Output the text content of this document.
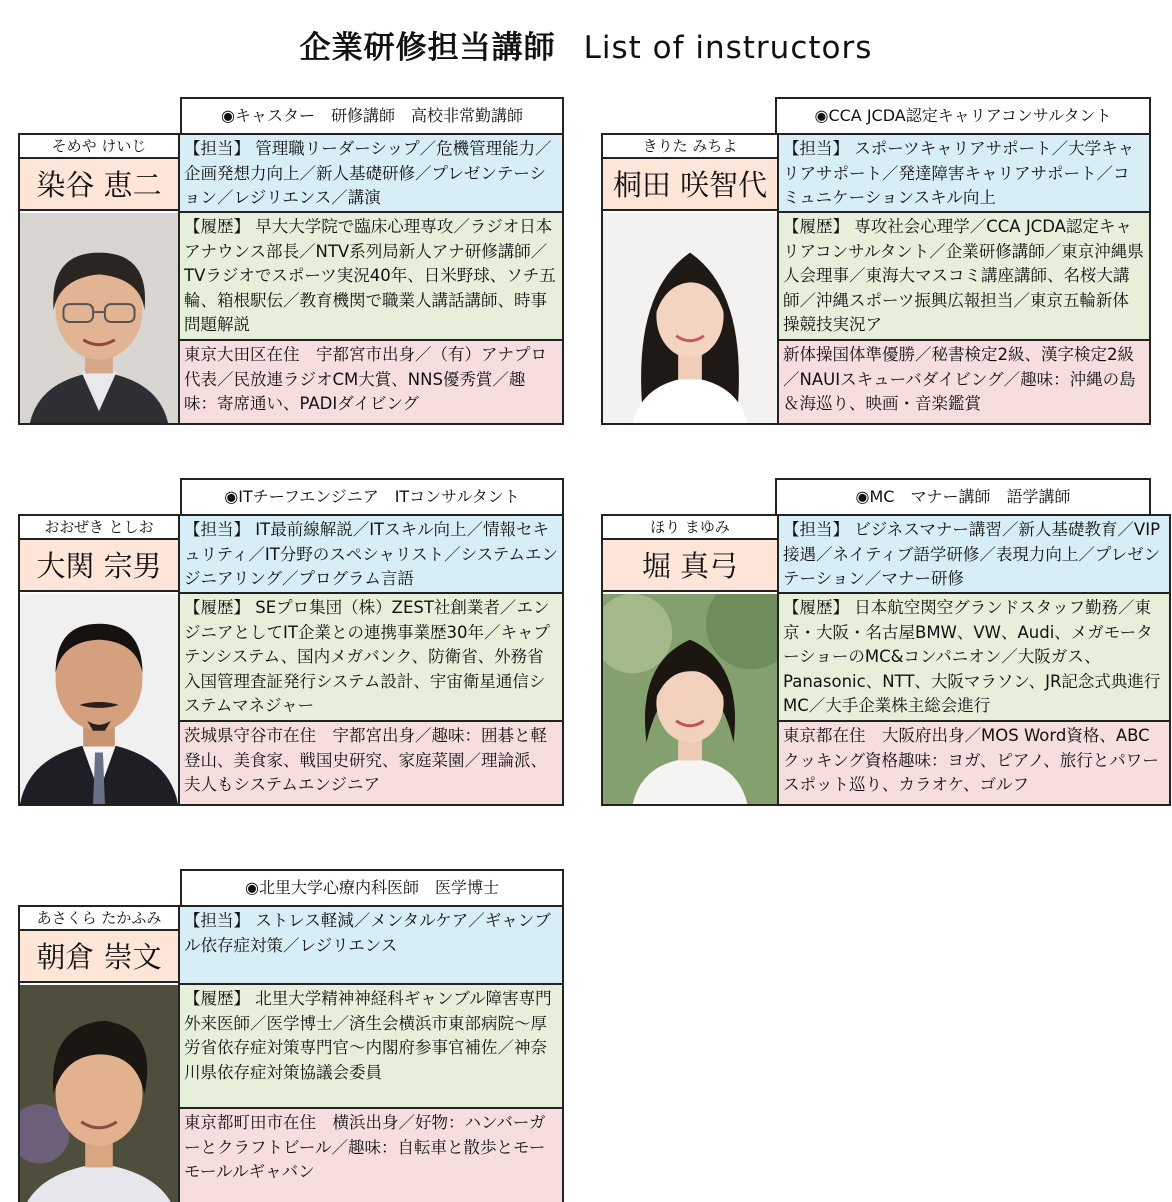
企業研修担当講師 List of instructors
◉キャスター　研修講師　高校非常勤講師
そめや けいじ
染谷 恵二
【担当】 管理職リーダーシップ／危機管理能力／企画発想力向上／新人基礎研修／プレゼンテーション／レジリエンス／講演
【履歴】 早大大学院で臨床心理専攻／ラジオ日本アナウンス部長／NTV系列局新人アナ研修講師／TVラジオでスポーツ実況40年、日米野球、ソチ五輪、箱根駅伝／教育機関で職業人講話講師、時事問題解説
東京大田区在住　宇都宮市出身／（有）アナプロ代表／民放連ラジオCM大賞、NNS優秀賞／趣味：寄席通い、PADIダイビング
◉CCA JCDA認定キャリアコンサルタント
きりた みちよ
桐田 咲智代
【担当】 スポーツキャリアサポート／大学キャリアサポート／発達障害キャリアサポート／コミュニケーションスキル向上
【履歴】 専攻社会心理学／CCA JCDA認定キャリアコンサルタント／企業研修講師／東京沖縄県人会理事／東海大マスコミ講座講師、名桜大講師／沖縄スポーツ振興広報担当／東京五輪新体操競技実況ア
新体操国体準優勝／秘書検定2級、漢字検定2級／NAUIスキューバダイビング／趣味：沖縄の島＆海巡り、映画・音楽鑑賞
◉ITチーフエンジニア　ITコンサルタント
おおぜき としお
大関 宗男
【担当】 IT最前線解説／ITスキル向上／情報セキュリティ／IT分野のスペシャリスト／システムエンジニアリング／プログラム言語
【履歴】 SEプロ集団（株）ZEST社創業者／エンジニアとしてIT企業との連携事業歴30年／キャプテンシステム、国内メガバンク、防衛省、外務省入国管理査証発行システム設計、宇宙衛星通信システムマネジャー
茨城県守谷市在住　宇都宮出身／趣味：囲碁と軽登山、美食家、戦国史研究、家庭菜園／理論派、夫人もシステムエンジニア
◉MC　マナー講師　語学講師
ほり まゆみ
堀 真弓
【担当】 ビジネスマナー講習／新人基礎教育／VIP接遇／ネイティブ語学研修／表現力向上／プレゼンテーション／マナー研修
【履歴】 日本航空関空グランドスタッフ勤務／東京・大阪・名古屋BMW、VW、Audi、メガモーターショーのMC&コンパニオン／大阪ガス、Panasonic、NTT、大阪マラソン、JR記念式典進行MC／大手企業株主総会進行
東京都在住　大阪府出身／MOS Word資格、ABCクッキング資格趣味：ヨガ、ピアノ、旅行とパワースポット巡り、カラオケ、ゴルフ
◉北里大学心療内科医師　医学博士
あさくら たかふみ
朝倉 崇文
【担当】 ストレス軽減／メンタルケア／ギャンブル依存症対策／レジリエンス
【履歴】 北里大学精神神経科ギャンブル障害専門外来医師／医学博士／済生会横浜市東部病院～厚労省依存症対策専門官～内閣府参事官補佐／神奈川県依存症対策協議会委員
東京都町田市在住　横浜出身／好物：ハンバーガーとクラフトビール／趣味：自転車と散歩とモーモールルギャバン
